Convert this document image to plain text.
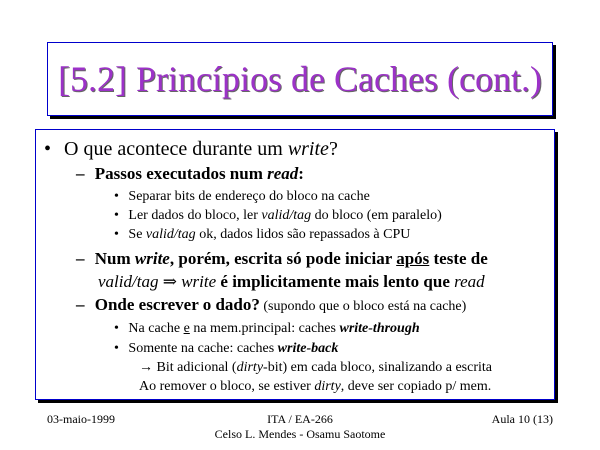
[5.2] Princípios de Caches (cont.)
• O que acontece durante um write?
– Passos executados num read:
• Separar bits de endereço do bloco na cache
• Ler dados do bloco, ler valid/tag do bloco (em paralelo)
• Se valid/tag ok, dados lidos são repassados à CPU
– Num write, porém, escrita só pode iniciar após teste de
valid/tag ⇒ write é implicitamente mais lento que read
– Onde escrever o dado? (supondo que o bloco está na cache)
• Na cache e na mem.principal: caches write-through
• Somente na cache: caches write-back
→ Bit adicional (dirty-bit) em cada bloco, sinalizando a escrita
Ao remover o bloco, se estiver dirty, deve ser copiado p/ mem.
03-maio-1999	ITA / EA-266
Celso L. Mendes - Osamu Saotome
Aula 10 (13)
